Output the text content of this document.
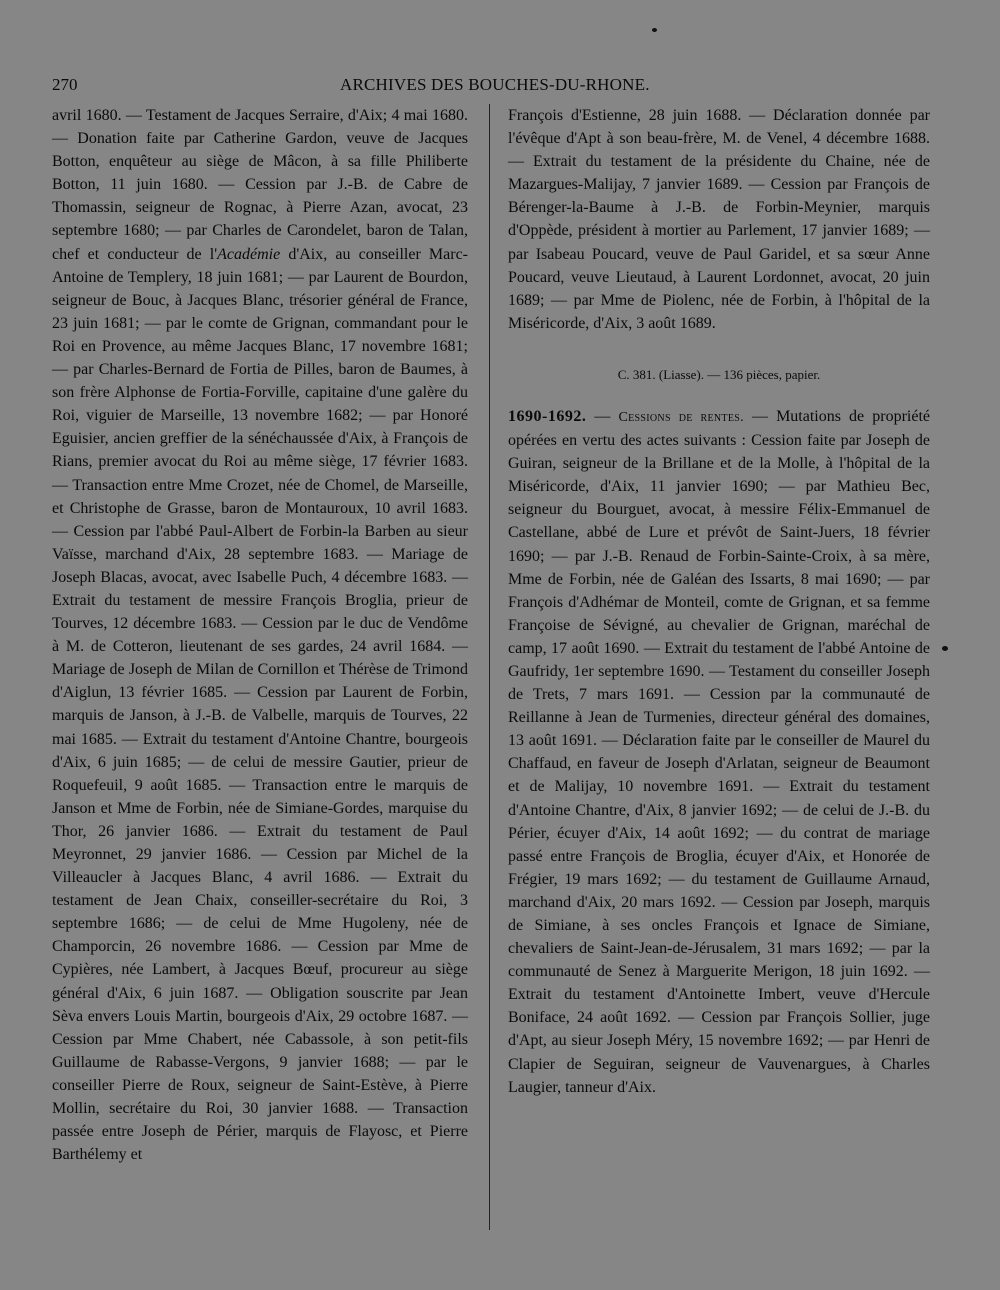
270	ARCHIVES DES BOUCHES-DU-RHONE.

avril 1680. — Testament de Jacques Serraire, d'Aix; 4 mai 1680. — Donation faite par Catherine Gardon, veuve de Jacques Botton, enquêteur au siège de Mâcon, à sa fille Philiberte Botton, 11 juin 1680. — Cession par J.-B. de Cabre de Thomassin, seigneur de Rognac, à Pierre Azan, avocat, 23 septembre 1680; — par Charles de Carondelet, baron de Talan, chef et conducteur de l'Académie d'Aix, au conseiller Marc-Antoine de Templery, 18 juin 1681; — par Laurent de Bourdon, seigneur de Bouc, à Jacques Blanc, trésorier général de France, 23 juin 1681; — par le comte de Grignan, commandant pour le Roi en Provence, au même Jacques Blanc, 17 novembre 1681; — par Charles-Bernard de Fortia de Pilles, baron de Baumes, à son frère Alphonse de Fortia-Forville, capitaine d'une galère du Roi, viguier de Marseille, 13 novembre 1682; — par Honoré Eguisier, ancien greffier de la sénéchaussée d'Aix, à François de Rians, premier avocat du Roi au même siège, 17 février 1683. — Transaction entre Mme Crozet, née de Chomel, de Marseille, et Christophe de Grasse, baron de Montauroux, 10 avril 1683. — Cession par l'abbé Paul-Albert de Forbin-la Barben au sieur Vaïsse, marchand d'Aix, 28 septembre 1683. — Mariage de Joseph Blacas, avocat, avec Isabelle Puch, 4 décembre 1683. — Extrait du testament de messire François Broglia, prieur de Tourves, 12 décembre 1683. — Cession par le duc de Vendôme à M. de Cotteron, lieutenant de ses gardes, 24 avril 1684. — Mariage de Joseph de Milan de Cornillon et Thérèse de Trimond d'Aiglun, 13 février 1685. — Cession par Laurent de Forbin, marquis de Janson, à J.-B. de Valbelle, marquis de Tourves, 22 mai 1685. — Extrait du testament d'Antoine Chantre, bourgeois d'Aix, 6 juin 1685; — de celui de messire Gautier, prieur de Roquefeuil, 9 août 1685. — Transaction entre le marquis de Janson et Mme de Forbin, née de Simiane-Gordes, marquise du Thor, 26 janvier 1686. — Extrait du testament de Paul Meyronnet, 29 janvier 1686. — Cession par Michel de la Villeaucler à Jacques Blanc, 4 avril 1686. — Extrait du testament de Jean Chaix, conseiller-secrétaire du Roi, 3 septembre 1686; — de celui de Mme Hugoleny, née de Champorcin, 26 novembre 1686. — Cession par Mme de Cypières, née Lambert, à Jacques Bœuf, procureur au siège général d'Aix, 6 juin 1687. — Obligation souscrite par Jean Sèva envers Louis Martin, bourgeois d'Aix, 29 octobre 1687. — Cession par Mme Chabert, née Cabassole, à son petit-fils Guillaume de Rabasse-Vergons, 9 janvier 1688; — par le conseiller Pierre de Roux, seigneur de Saint-Estève, à Pierre Mollin, secrétaire du Roi, 30 janvier 1688. — Transaction passée entre Joseph de Périer, marquis de Flayosc, et Pierre Barthélemy et

François d'Estienne, 28 juin 1688. — Déclaration donnée par l'évêque d'Apt à son beau-frère, M. de Venel, 4 décembre 1688. — Extrait du testament de la présidente du Chaine, née de Mazargues-Malijay, 7 janvier 1689. — Cession par François de Bérenger-la-Baume à J.-B. de Forbin-Meynier, marquis d'Oppède, président à mortier au Parlement, 17 janvier 1689; — par Isabeau Poucard, veuve de Paul Garidel, et sa sœur Anne Poucard, veuve Lieutaud, à Laurent Lordonnet, avocat, 20 juin 1689; — par Mme de Piolenc, née de Forbin, à l'hôpital de la Miséricorde, d'Aix, 3 août 1689.

C. 381. (Liasse). — 136 pièces, papier.

1690-1692. — Cessions de rentes. — Mutations de propriété opérées en vertu des actes suivants : Cession faite par Joseph de Guiran, seigneur de la Brillane et de la Molle, à l'hôpital de la Miséricorde, d'Aix, 11 janvier 1690; — par Mathieu Bec, seigneur du Bourguet, avocat, à messire Félix-Emmanuel de Castellane, abbé de Lure et prévôt de Saint-Juers, 18 février 1690; — par J.-B. Renaud de Forbin-Sainte-Croix, à sa mère, Mme de Forbin, née de Galéan des Issarts, 8 mai 1690; — par François d'Adhémar de Monteil, comte de Grignan, et sa femme Françoise de Sévigné, au chevalier de Grignan, maréchal de camp, 17 août 1690. — Extrait du testament de l'abbé Antoine de Gaufridy, 1er septembre 1690. — Testament du conseiller Joseph de Trets, 7 mars 1691. — Cession par la communauté de Reillanne à Jean de Turmenies, directeur général des domaines, 13 août 1691. — Déclaration faite par le conseiller de Maurel du Chaffaud, en faveur de Joseph d'Arlatan, seigneur de Beaumont et de Malijay, 10 novembre 1691. — Extrait du testament d'Antoine Chantre, d'Aix, 8 janvier 1692; — de celui de J.-B. du Périer, écuyer d'Aix, 14 août 1692; — du contrat de mariage passé entre François de Broglia, écuyer d'Aix, et Honorée de Frégier, 19 mars 1692; — du testament de Guillaume Arnaud, marchand d'Aix, 20 mars 1692. — Cession par Joseph, marquis de Simiane, à ses oncles François et Ignace de Simiane, chevaliers de Saint-Jean-de-Jérusalem, 31 mars 1692; — par la communauté de Senez à Marguerite Merigon, 18 juin 1692. — Extrait du testament d'Antoinette Imbert, veuve d'Hercule Boniface, 24 août 1692. — Cession par François Sollier, juge d'Apt, au sieur Joseph Méry, 15 novembre 1692; — par Henri de Clapier de Seguiran, seigneur de Vauvenargues, à Charles Laugier, tanneur d'Aix.
